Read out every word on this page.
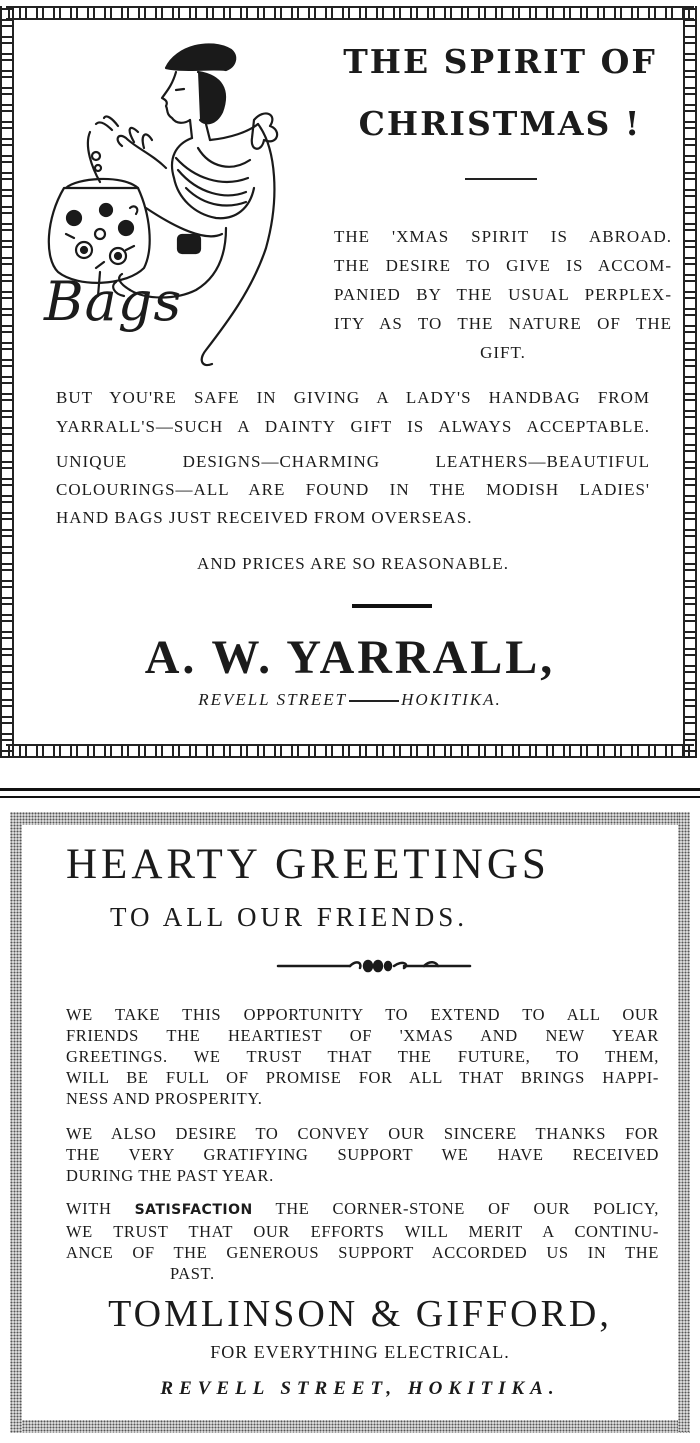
Bags
THE SPIRIT OF
CHRISTMAS !
THE 'XMAS SPIRIT IS ABROAD.
THE DESIRE TO GIVE IS ACCOM-
PANIED BY THE USUAL PERPLEX-
ITY AS TO THE NATURE OF THE
GIFT.
BUT YOU'RE SAFE IN GIVING A LADY'S HANDBAG FROM
YARRALL'S—SUCH A DAINTY GIFT IS ALWAYS ACCEPTABLE.
UNIQUE DESIGNS—CHARMING LEATHERS—BEAUTIFUL
COLOURINGS—ALL ARE FOUND IN THE MODISH LADIES'
HAND BAGS JUST RECEIVED FROM OVERSEAS.
AND PRICES ARE SO REASONABLE.
A. W. YARRALL,
REVELL STREET	HOKITIKA.
HEARTY GREETINGS
TO ALL OUR FRIENDS.
WE TAKE THIS OPPORTUNITY TO EXTEND TO ALL OUR
FRIENDS THE HEARTIEST OF 'XMAS AND NEW YEAR
GREETINGS. WE TRUST THAT THE FUTURE, TO THEM,
WILL BE FULL OF PROMISE FOR ALL THAT BRINGS HAPPI-
NESS AND PROSPERITY.
WE ALSO DESIRE TO CONVEY OUR SINCERE THANKS FOR
THE VERY GRATIFYING SUPPORT WE HAVE RECEIVED
DURING THE PAST YEAR.
WITH SATISFACTION THE CORNER-STONE OF OUR POLICY,
WE TRUST THAT OUR EFFORTS WILL MERIT A CONTINU-
ANCE OF THE GENEROUS SUPPORT ACCORDED US IN THE
PAST.
TOMLINSON & GIFFORD,
FOR EVERYTHING ELECTRICAL.
REVELL STREET, HOKITIKA.
